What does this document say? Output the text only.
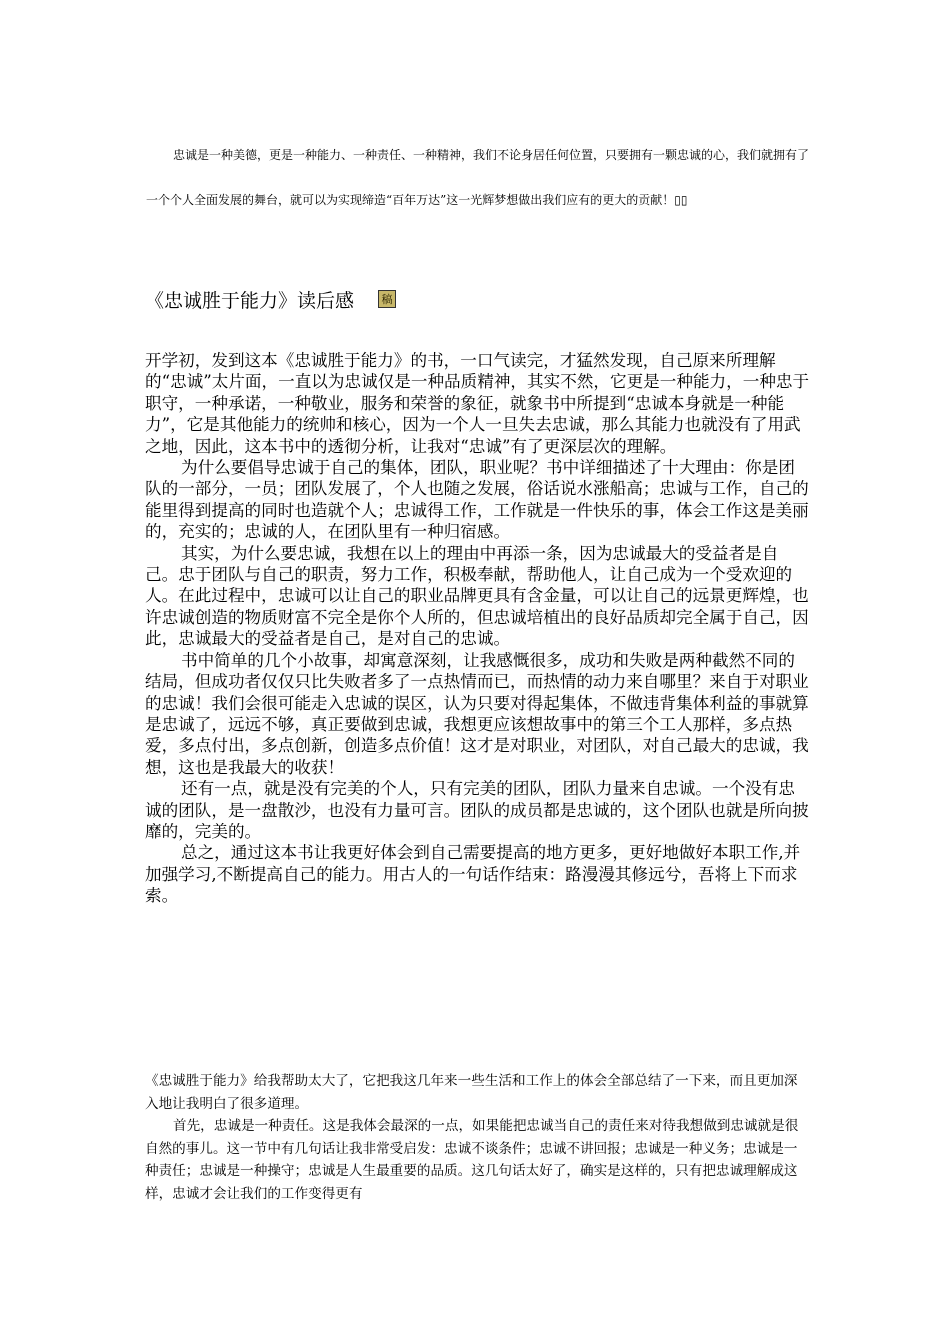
忠诚是一种美德，更是一种能力、一种责任、一种精神，我们不论身居任何位置，只要拥有一颗忠诚的心，我们就拥有了一个个人全面发展的舞台，就可以为实现缔造“百年万达”这一光辉梦想做出我们应有的更大的贡献！▯▯

《忠诚胜于能力》读后感	稿

开学初，发到这本《忠诚胜于能力》的书，一口气读完，才猛然发现，自己原来所理解的“忠诚”太片面，一直以为忠诚仅是一种品质精神，其实不然，它更是一种能力，一种忠于职守，一种承诺，一种敬业，服务和荣誉的象征，就象书中所提到“忠诚本身就是一种能力”，它是其他能力的统帅和核心，因为一个人一旦失去忠诚，那么其能力也就没有了用武之地，因此，这本书中的透彻分析，让我对“忠诚”有了更深层次的理解。

为什么要倡导忠诚于自己的集体，团队，职业呢？书中详细描述了十大理由：你是团队的一部分，一员；团队发展了，个人也随之发展，俗话说水涨船高；忠诚与工作，自己的能里得到提高的同时也造就个人；忠诚得工作，工作就是一件快乐的事，体会工作这是美丽的，充实的；忠诚的人，在团队里有一种归宿感。

其实，为什么要忠诚，我想在以上的理由中再添一条，因为忠诚最大的受益者是自己。忠于团队与自己的职责，努力工作，积极奉献，帮助他人，让自己成为一个受欢迎的人。在此过程中，忠诚可以让自己的职业品牌更具有含金量，可以让自己的远景更辉煌，也许忠诚创造的物质财富不完全是你个人所的，但忠诚培植出的良好品质却完全属于自己，因此，忠诚最大的受益者是自己，是对自己的忠诚。

书中简单的几个小故事，却寓意深刻，让我感慨很多，成功和失败是两种截然不同的结局，但成功者仅仅只比失败者多了一点热情而已，而热情的动力来自哪里？来自于对职业的忠诚！我们会很可能走入忠诚的误区，认为只要对得起集体，不做违背集体利益的事就算是忠诚了，远远不够，真正要做到忠诚，我想更应该想故事中的第三个工人那样，多点热爱，多点付出，多点创新，创造多点价值！这才是对职业，对团队，对自己最大的忠诚，我想，这也是我最大的收获！

还有一点，就是没有完美的个人，只有完美的团队，团队力量来自忠诚。一个没有忠诚的团队，是一盘散沙，也没有力量可言。团队的成员都是忠诚的，这个团队也就是所向披靡的，完美的。

总之，通过这本书让我更好体会到自己需要提高的地方更多，更好地做好本职工作,并加强学习,不断提高自己的能力。用古人的一句话作结束：路漫漫其修远兮，吾将上下而求索。

《忠诚胜于能力》给我帮助太大了，它把我这几年来一些生活和工作上的体会全部总结了一下来，而且更加深入地让我明白了很多道理。

首先，忠诚是一种责任。这是我体会最深的一点，如果能把忠诚当自己的责任来对待我想做到忠诚就是很自然的事儿。这一节中有几句话让我非常受启发：忠诚不谈条件；忠诚不讲回报；忠诚是一种义务；忠诚是一种责任；忠诚是一种操守；忠诚是人生最重要的品质。这几句话太好了，确实是这样的，只有把忠诚理解成这样，忠诚才会让我们的工作变得更有
